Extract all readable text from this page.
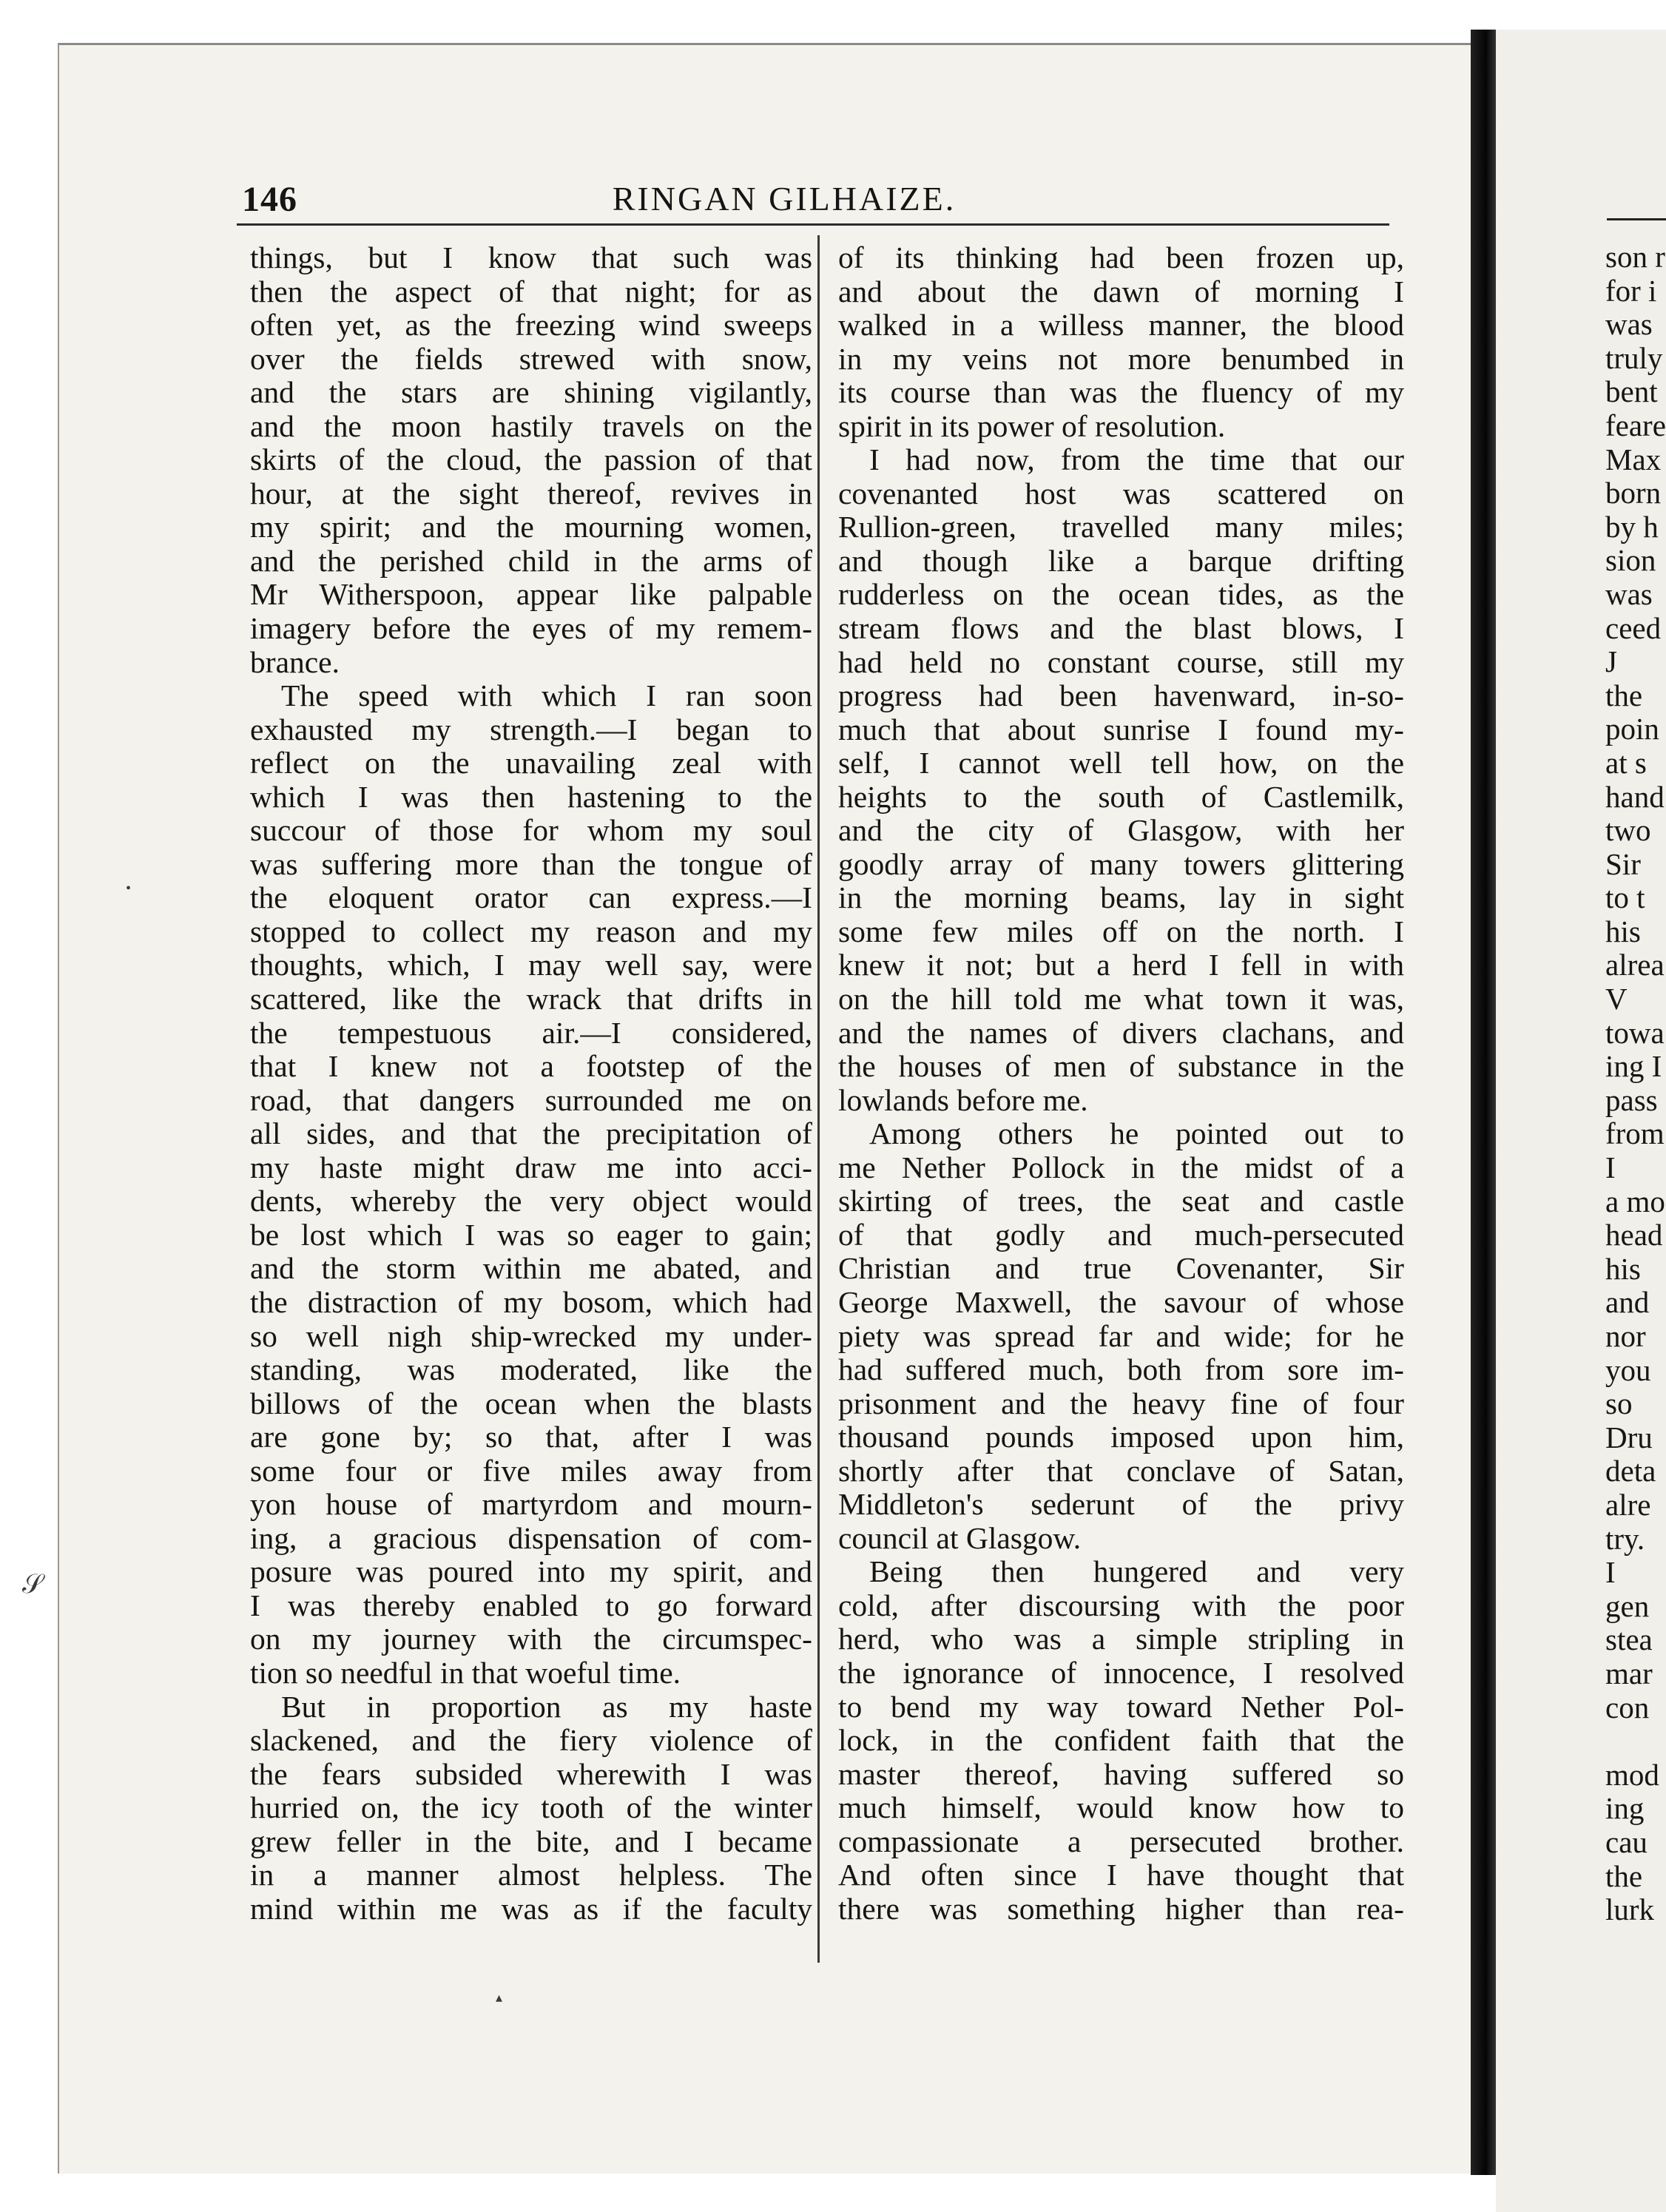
son r
for i
was
truly
bent
feare
Max
born
by h
sion
was
ceed
J
the
poin
at s
hand
two
Sir
to t
his
alrea
V
towa
ing I
pass
from
I
a mo
head
his
and
nor
you
so
Dru
deta
alre
try.
I
gen
stea
mar
con
mod
ing
cau
the
lurk
146	RINGAN GILHAIZE.
things, but I know that such was
then the aspect of that night; for as
often yet, as the freezing wind sweeps
over the fields strewed with snow,
and the stars are shining vigilantly,
and the moon hastily travels on the
skirts of the cloud, the passion of that
hour, at the sight thereof, revives in
my spirit; and the mourning women,
and the perished child in the arms of
Mr Witherspoon, appear like palpable
imagery before the eyes of my remem-
brance.
The speed with which I ran soon
exhausted my strength.—I began to
reflect on the unavailing zeal with
which I was then hastening to the
succour of those for whom my soul
was suffering more than the tongue of
the eloquent orator can express.—I
stopped to collect my reason and my
thoughts, which, I may well say, were
scattered, like the wrack that drifts in
the tempestuous air.—I considered,
that I knew not a footstep of the
road, that dangers surrounded me on
all sides, and that the precipitation of
my haste might draw me into acci-
dents, whereby the very object would
be lost which I was so eager to gain;
and the storm within me abated, and
the distraction of my bosom, which had
so well nigh ship-wrecked my under-
standing, was moderated, like the
billows of the ocean when the blasts
are gone by; so that, after I was
some four or five miles away from
yon house of martyrdom and mourn-
ing, a gracious dispensation of com-
posure was poured into my spirit, and
I was thereby enabled to go forward
on my journey with the circumspec-
tion so needful in that woeful time.
But in proportion as my haste
slackened, and the fiery violence of
the fears subsided wherewith I was
hurried on, the icy tooth of the winter
grew feller in the bite, and I became
in a manner almost helpless. The
mind within me was as if the faculty
of its thinking had been frozen up,
and about the dawn of morning I
walked in a willess manner, the blood
in my veins not more benumbed in
its course than was the fluency of my
spirit in its power of resolution.
I had now, from the time that our
covenanted host was scattered on
Rullion-green, travelled many miles;
and though like a barque drifting
rudderless on the ocean tides, as the
stream flows and the blast blows, I
had held no constant course, still my
progress had been havenward, in-so-
much that about sunrise I found my-
self, I cannot well tell how, on the
heights to the south of Castlemilk,
and the city of Glasgow, with her
goodly array of many towers glittering
in the morning beams, lay in sight
some few miles off on the north. I
knew it not; but a herd I fell in with
on the hill told me what town it was,
and the names of divers clachans, and
the houses of men of substance in the
lowlands before me.
Among others he pointed out to
me Nether Pollock in the midst of a
skirting of trees, the seat and castle
of that godly and much-persecuted
Christian and true Covenanter, Sir
George Maxwell, the savour of whose
piety was spread far and wide; for he
had suffered much, both from sore im-
prisonment and the heavy fine of four
thousand pounds imposed upon him,
shortly after that conclave of Satan,
Middleton's sederunt of the privy
council at Glasgow.
Being then hungered and very
cold, after discoursing with the poor
herd, who was a simple stripling in
the ignorance of innocence, I resolved
to bend my way toward Nether Pol-
lock, in the confident faith that the
master thereof, having suffered so
much himself, would know how to
compassionate a persecuted brother.
And often since I have thought that
there was something higher than rea-
𝒮
•
▴
